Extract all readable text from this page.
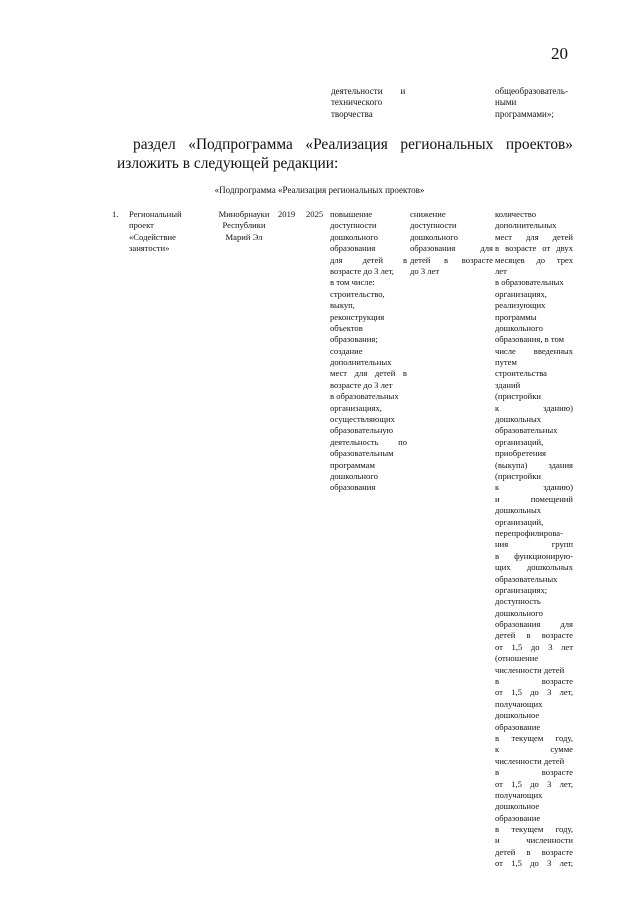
20
деятельности        и
технического
творчества
общеобразователь-
ными
программами»;
раздел «Подпрограмма «Реализация региональных проектов»
изложить в следующей редакции:
«Подпрограмма «Реализация региональных проектов»
1.	Региональный
проект
«Содействие
занятости»
Минобрнауки
Республики
Марий Эл
2019	2025 повышение
доступности
дошкольного
образования
для детей в
возрасте до 3 лет,
в том числе:
строительство,
выкуп,
реконструкция
объектов
образования;
создание
дополнительных
мест для детей в
возрасте до 3 лет
в образовательных
организациях,
осуществляющих
образовательную
деятельность по
образовательным
программам
дошкольного
образования
снижение
доступности
дошкольного
образования для
детей в возрасте
до 3 лет
количество
дополнительных
мест для детей
в возрасте от двух
месяцев до трех
лет
в образовательных
организациях,
реализующих
программы
дошкольного
образования, в том
числе введенных
путем
строительства
зданий
(пристройки
к зданию)
дошкольных
образовательных
организаций,
приобретения
(выкупа) здания
(пристройки
к зданию)
и помещений
дошкольных
организаций,
перепрофилирова-
ния групп
в функционирую-
щих дошкольных
образовательных
организациях;
доступность
дошкольного
образования для
детей в возрасте
от 1,5 до 3 лет
(отношение
численности детей
в возрасте
от 1,5 до 3 лет,
получающих
дошкольное
образование
в текущем году,
к сумме
численности детей
в возрасте
от 1,5 до 3 лет,
получающих
дошкольное
образование
в текущем году,
и численности
детей в возрасте
от 1,5 до 3 лет,
